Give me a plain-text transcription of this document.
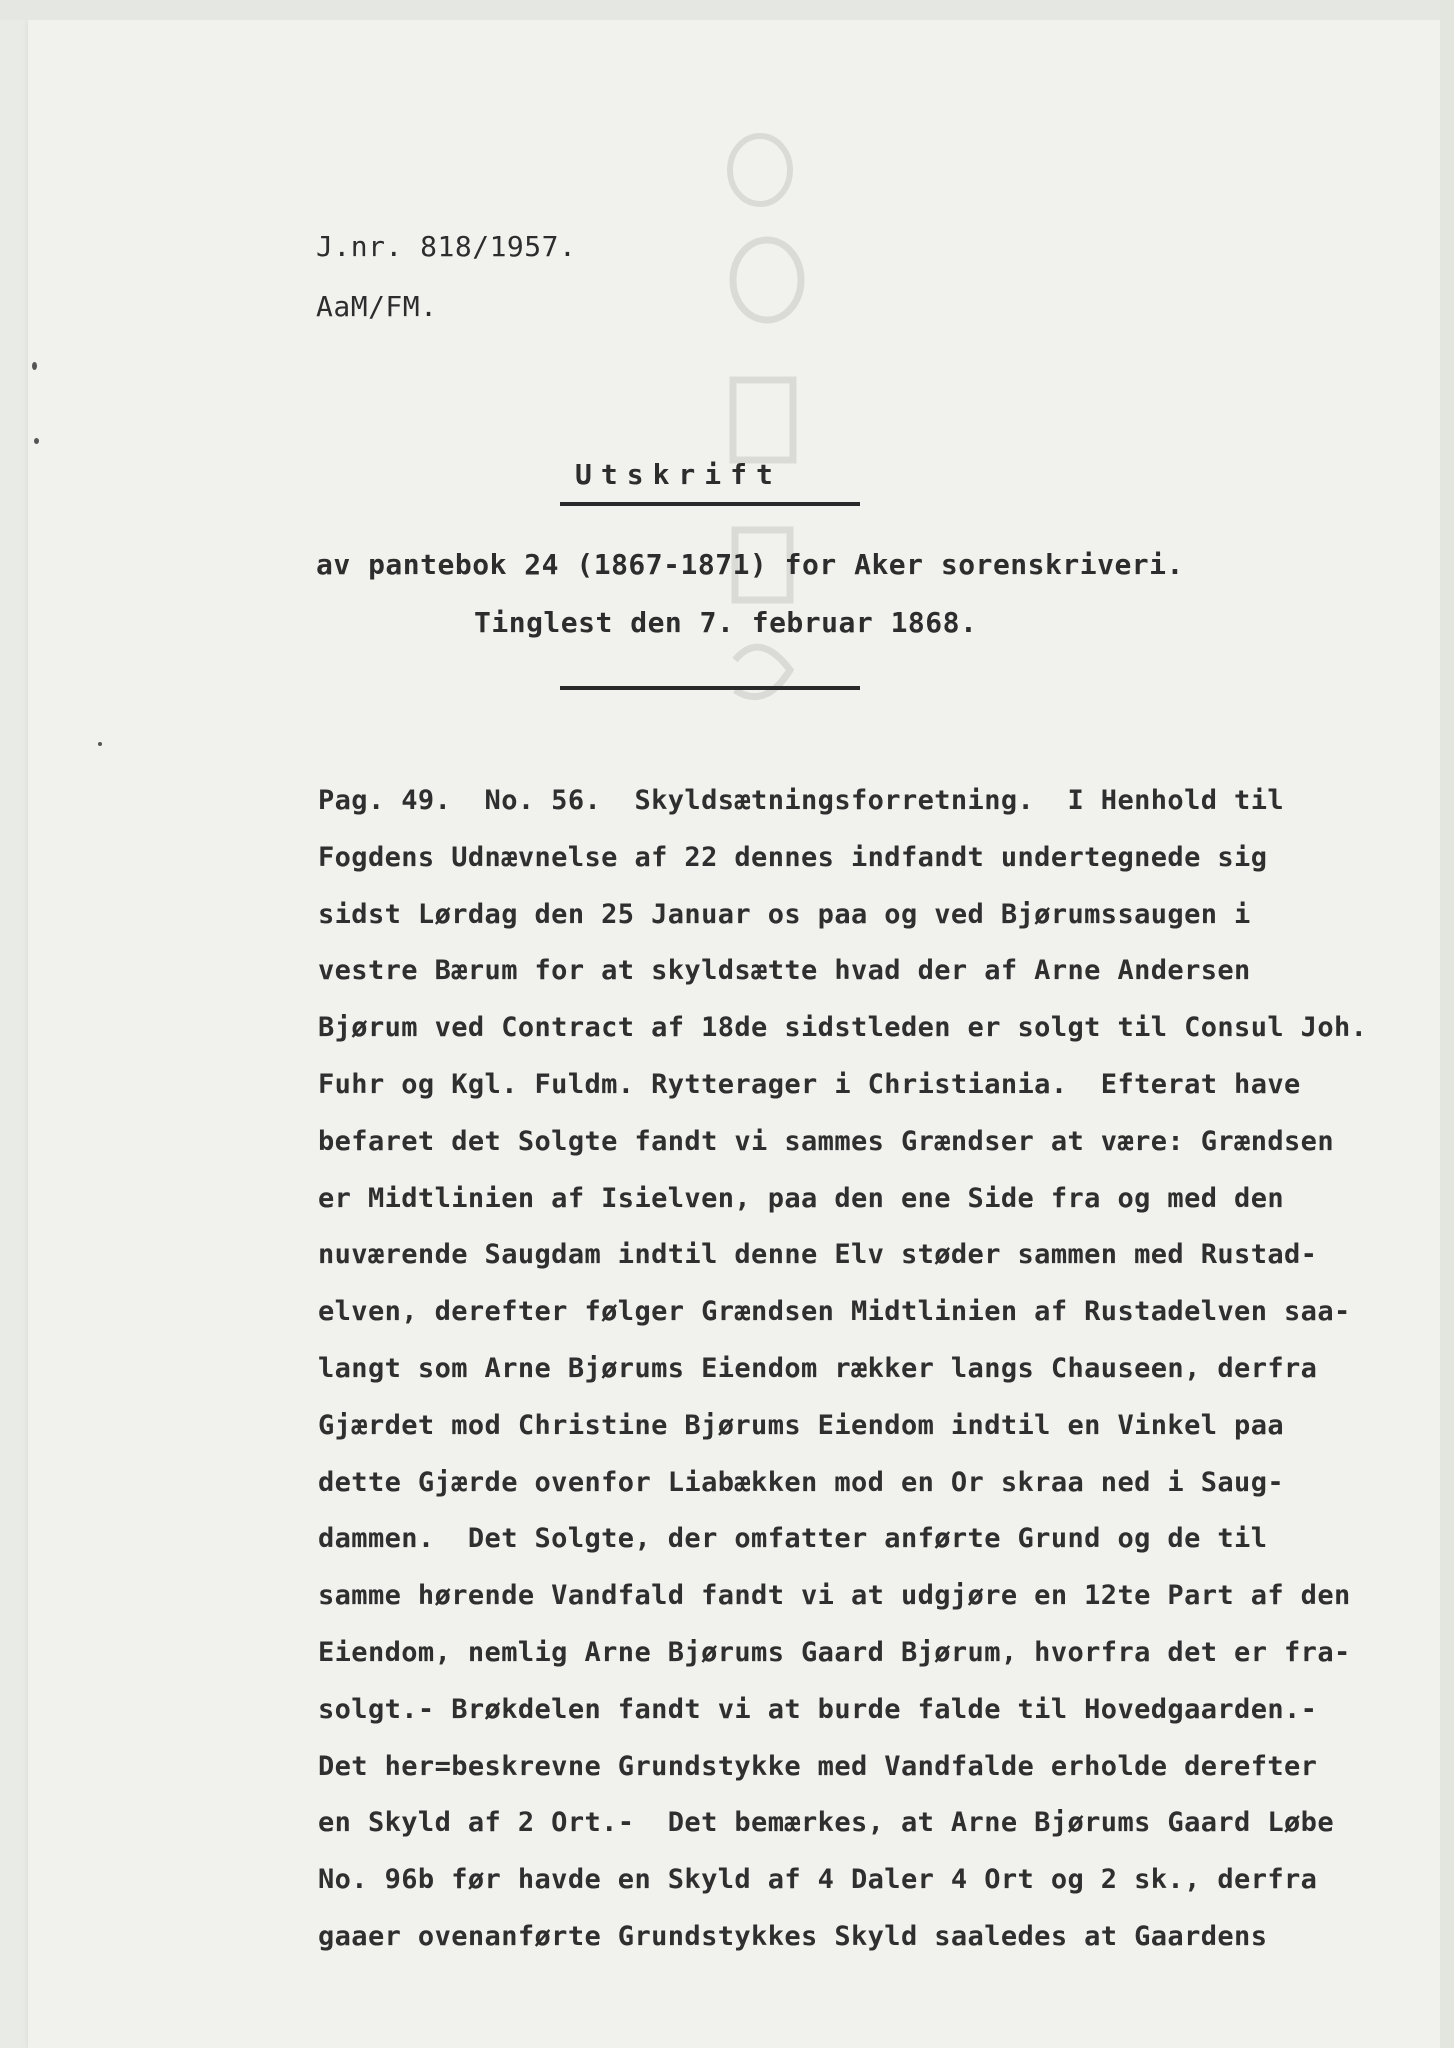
J.nr. 818/1957.
AaM/FM.
Utskrift
av pantebok 24 (1867-1871) for Aker sorenskriveri.
Tinglest den 7. februar 1868.
Pag. 49.  No. 56.  Skyldsætningsforretning.  I Henhold til
Fogdens Udnævnelse af 22 dennes indfandt undertegnede sig
sidst Lørdag den 25 Januar os paa og ved Bjørumssaugen i
vestre Bærum for at skyldsætte hvad der af Arne Andersen
Bjørum ved Contract af 18de sidstleden er solgt til Consul Joh.
Fuhr og Kgl. Fuldm. Rytterager i Christiania.  Efterat have
befaret det Solgte fandt vi sammes Grændser at være: Grændsen
er Midtlinien af Isielven, paa den ene Side fra og med den
nuværende Saugdam indtil denne Elv støder sammen med Rustad-
elven, derefter følger Grændsen Midtlinien af Rustadelven saa-
langt som Arne Bjørums Eiendom rækker langs Chauseen, derfra
Gjærdet mod Christine Bjørums Eiendom indtil en Vinkel paa
dette Gjærde ovenfor Liabækken mod en Or skraa ned i Saug-
dammen.  Det Solgte, der omfatter anførte Grund og de til
samme hørende Vandfald fandt vi at udgjøre en 12te Part af den
Eiendom, nemlig Arne Bjørums Gaard Bjørum, hvorfra det er fra-
solgt.- Brøkdelen fandt vi at burde falde til Hovedgaarden.-
Det her=beskrevne Grundstykke med Vandfalde erholde derefter
en Skyld af 2 Ort.-  Det bemærkes, at Arne Bjørums Gaard Løbe
No. 96b før havde en Skyld af 4 Daler 4 Ort og 2 sk., derfra
gaaer ovenanførte Grundstykkes Skyld saaledes at Gaardens
